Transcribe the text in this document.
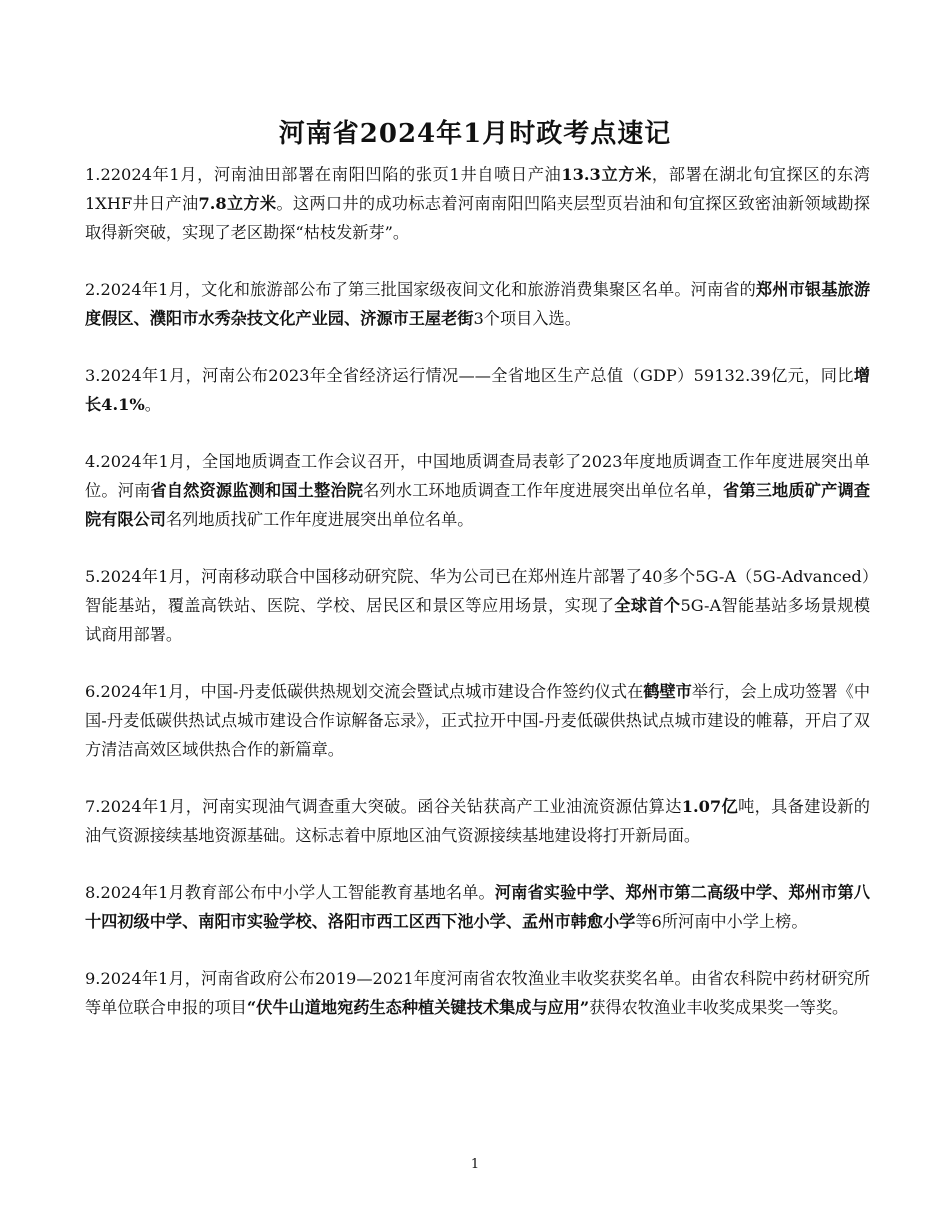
河南省2024年1月时政考点速记

1.22024年1月，河南油田部署在南阳凹陷的张页1井自喷日产油13.3立方米，部署在湖北旬宜探区的东湾1XHF井日产油7.8立方米。这两口井的成功标志着河南南阳凹陷夹层型页岩油和旬宜探区致密油新领域勘探取得新突破，实现了老区勘探“枯枝发新芽”。

2.2024年1月，文化和旅游部公布了第三批国家级夜间文化和旅游消费集聚区名单。河南省的郑州市银基旅游度假区、濮阳市水秀杂技文化产业园、济源市王屋老街3个项目入选。

3.2024年1月，河南公布2023年全省经济运行情况——全省地区生产总值（GDP）59132.39亿元，同比增长4.1%。

4.2024年1月，全国地质调查工作会议召开，中国地质调查局表彰了2023年度地质调查工作年度进展突出单位。河南省自然资源监测和国土整治院名列水工环地质调查工作年度进展突出单位名单，省第三地质矿产调查院有限公司名列地质找矿工作年度进展突出单位名单。

5.2024年1月，河南移动联合中国移动研究院、华为公司已在郑州连片部署了40多个5G-A（5G-Advanced）智能基站，覆盖高铁站、医院、学校、居民区和景区等应用场景，实现了全球首个5G-A智能基站多场景规模试商用部署。

6.2024年1月，中国-丹麦低碳供热规划交流会暨试点城市建设合作签约仪式在鹤壁市举行，会上成功签署《中国-丹麦低碳供热试点城市建设合作谅解备忘录》，正式拉开中国-丹麦低碳供热试点城市建设的帷幕，开启了双方清洁高效区域供热合作的新篇章。

7.2024年1月，河南实现油气调查重大突破。函谷关钻获高产工业油流资源估算达1.07亿吨，具备建设新的油气资源接续基地资源基础。这标志着中原地区油气资源接续基地建设将打开新局面。

8.2024年1月教育部公布中小学人工智能教育基地名单。河南省实验中学、郑州市第二高级中学、郑州市第八十四初级中学、南阳市实验学校、洛阳市西工区西下池小学、孟州市韩愈小学等6所河南中小学上榜。

9.2024年1月，河南省政府公布2019—2021年度河南省农牧渔业丰收奖获奖名单。由省农科院中药材研究所等单位联合申报的项目“伏牛山道地宛药生态种植关键技术集成与应用”获得农牧渔业丰收奖成果奖一等奖。

1
